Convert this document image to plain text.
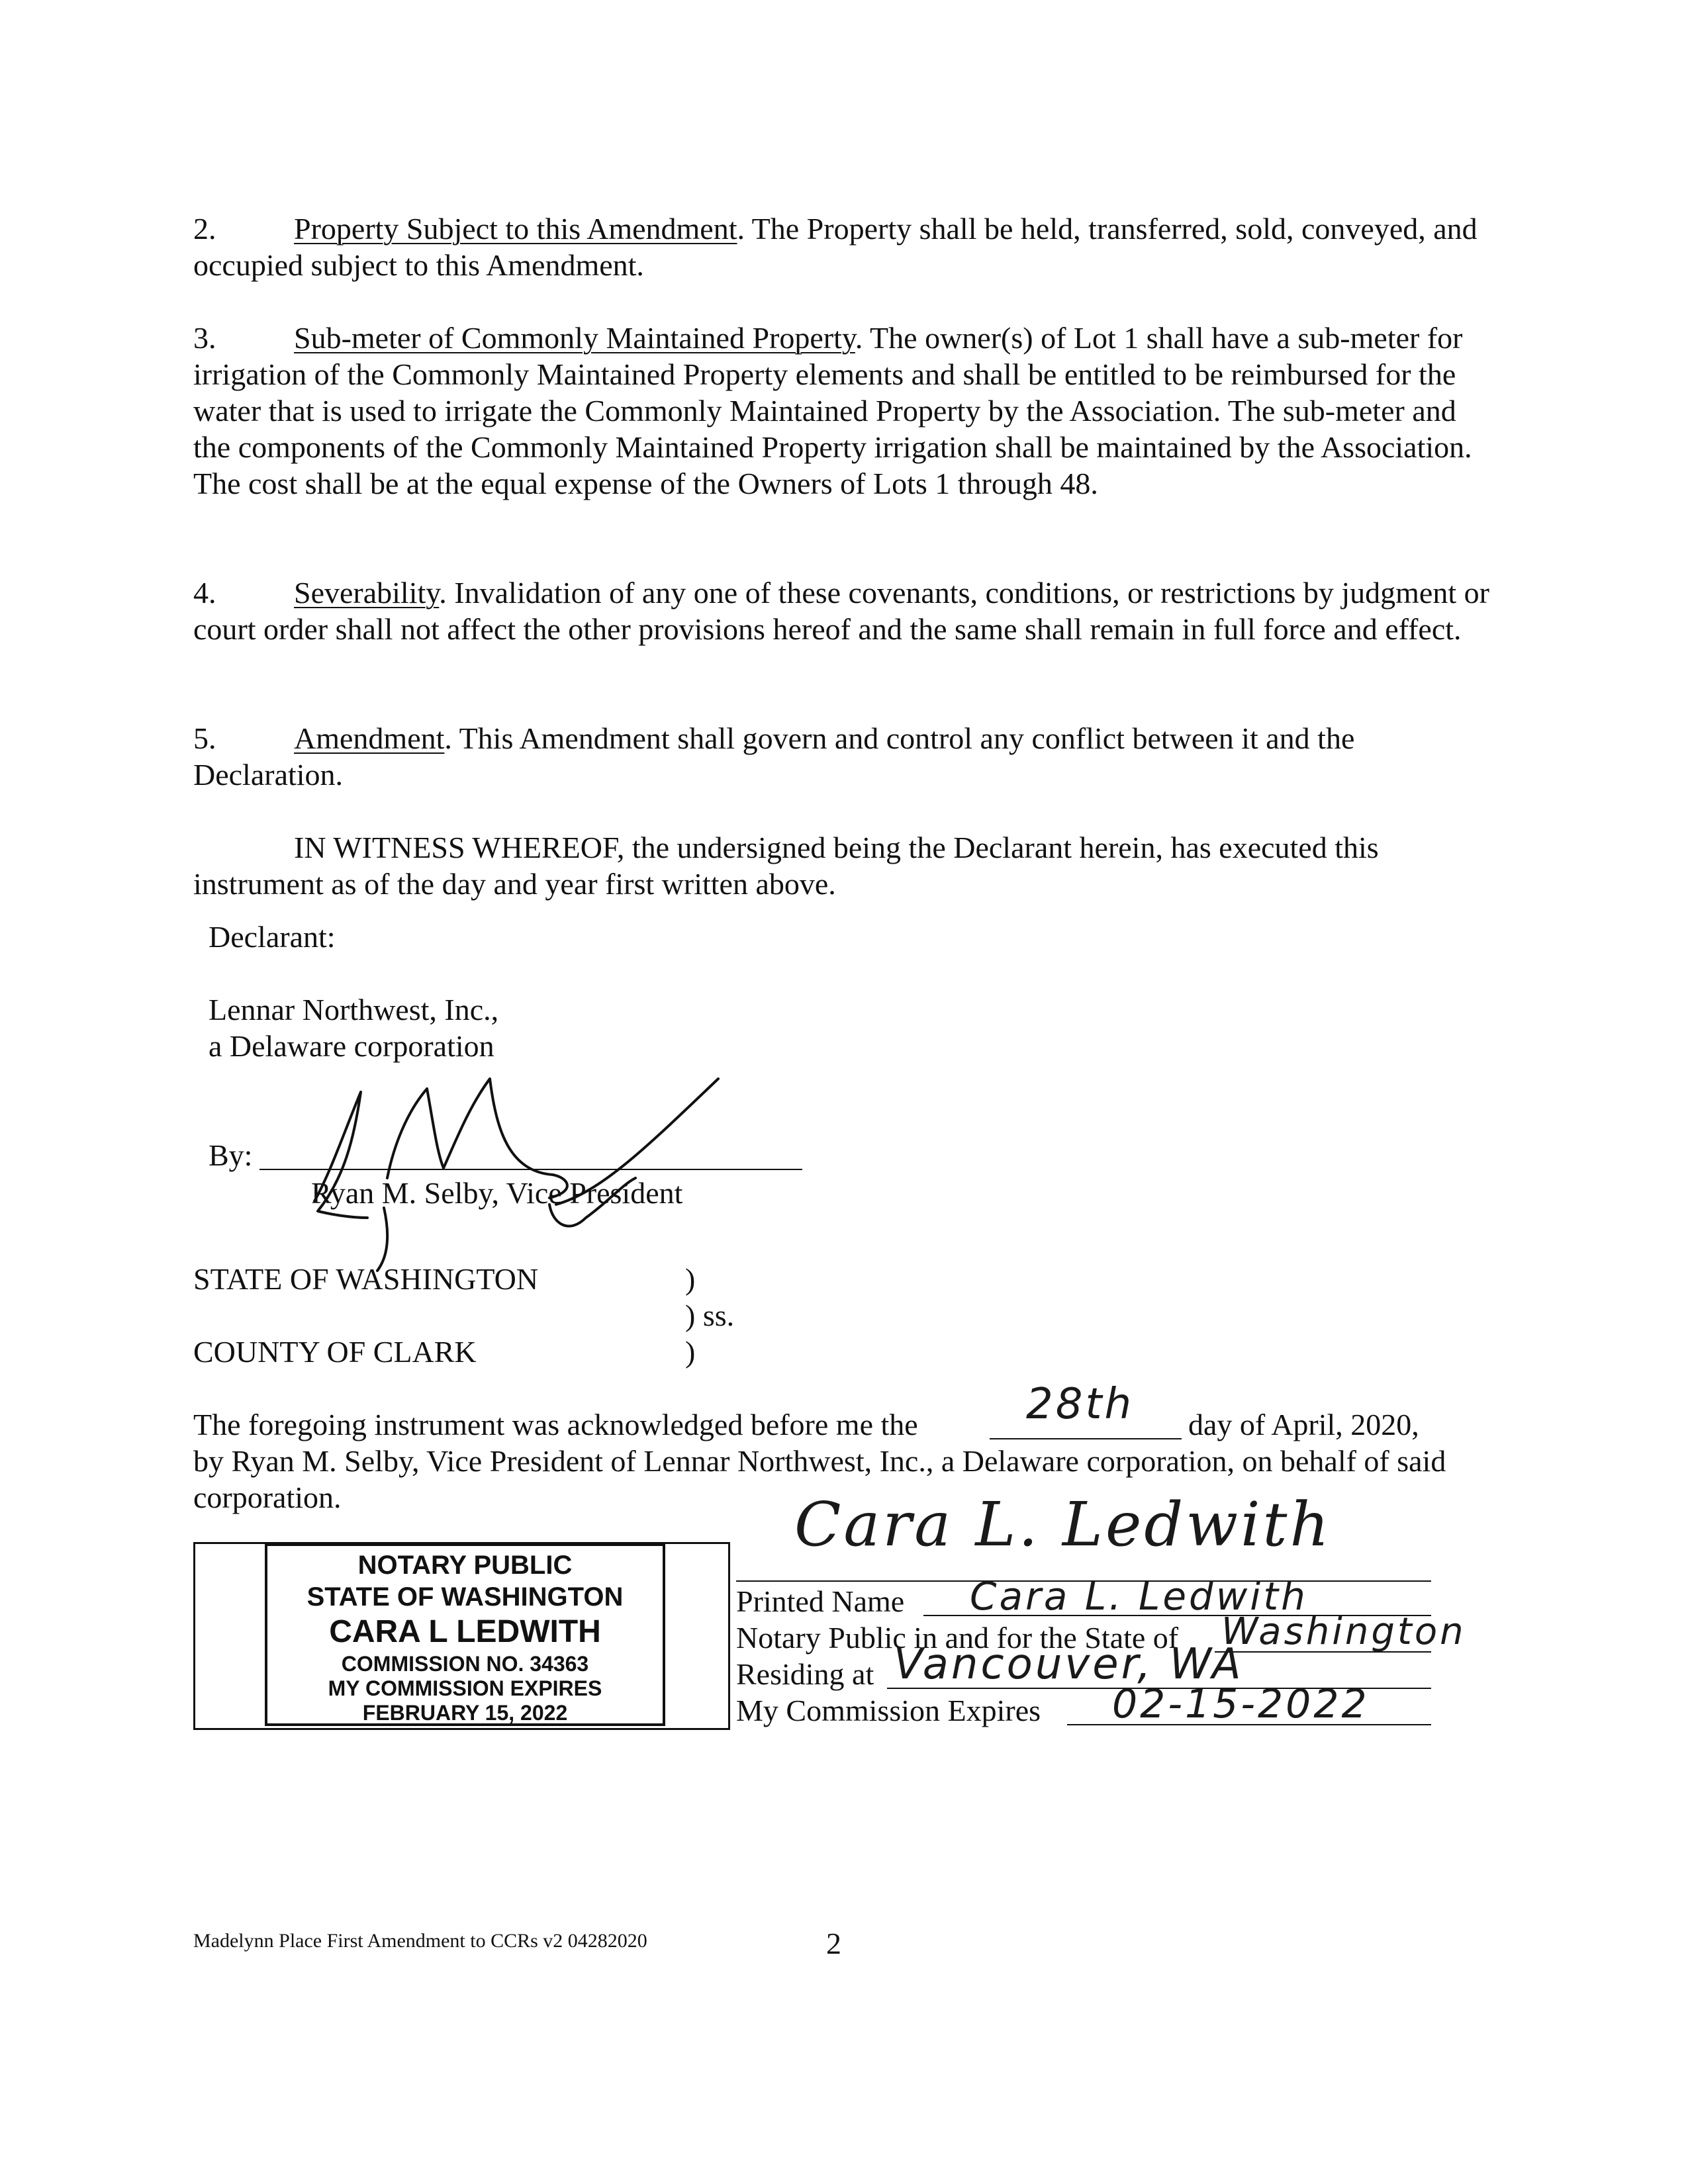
2.	Property Subject to this Amendment. The Property shall be held, transferred, sold, conveyed, and occupied subject to this Amendment.

3.	Sub-meter of Commonly Maintained Property. The owner(s) of Lot 1 shall have a sub-meter for irrigation of the Commonly Maintained Property elements and shall be entitled to be reimbursed for the water that is used to irrigate the Commonly Maintained Property by the Association. The sub-meter and the components of the Commonly Maintained Property irrigation shall be maintained by the Association. The cost shall be at the equal expense of the Owners of Lots 1 through 48.

4.	Severability. Invalidation of any one of these covenants, conditions, or restrictions by judgment or court order shall not affect the other provisions hereof and the same shall remain in full force and effect.

5.	Amendment. This Amendment shall govern and control any conflict between it and the Declaration.

IN WITNESS WHEREOF, the undersigned being the Declarant herein, has executed this instrument as of the day and year first written above.

Declarant:
Lennar Northwest, Inc.,
a Delaware corporation
By:
Ryan M. Selby, Vice President
STATE OF WASHINGTON	)
) ss.
COUNTY OF CLARK	)
The foregoing instrument was acknowledged before me the	28th day of April, 2020,

by Ryan M. Selby, Vice President of Lennar Northwest, Inc., a Delaware corporation, on behalf of said corporation.

NOTARY PUBLIC
STATE OF WASHINGTON
CARA L LEDWITH
COMMISSION NO. 34363
MY COMMISSION EXPIRES
FEBRUARY 15, 2022
Cara L. Ledwith
Printed Name Cara L. Ledwith
Notary Public in and for the State of Washington
Residing at Vancouver, WA
My Commission Expires 02-15-2022
Madelynn Place First Amendment to CCRs v2 04282020	2
